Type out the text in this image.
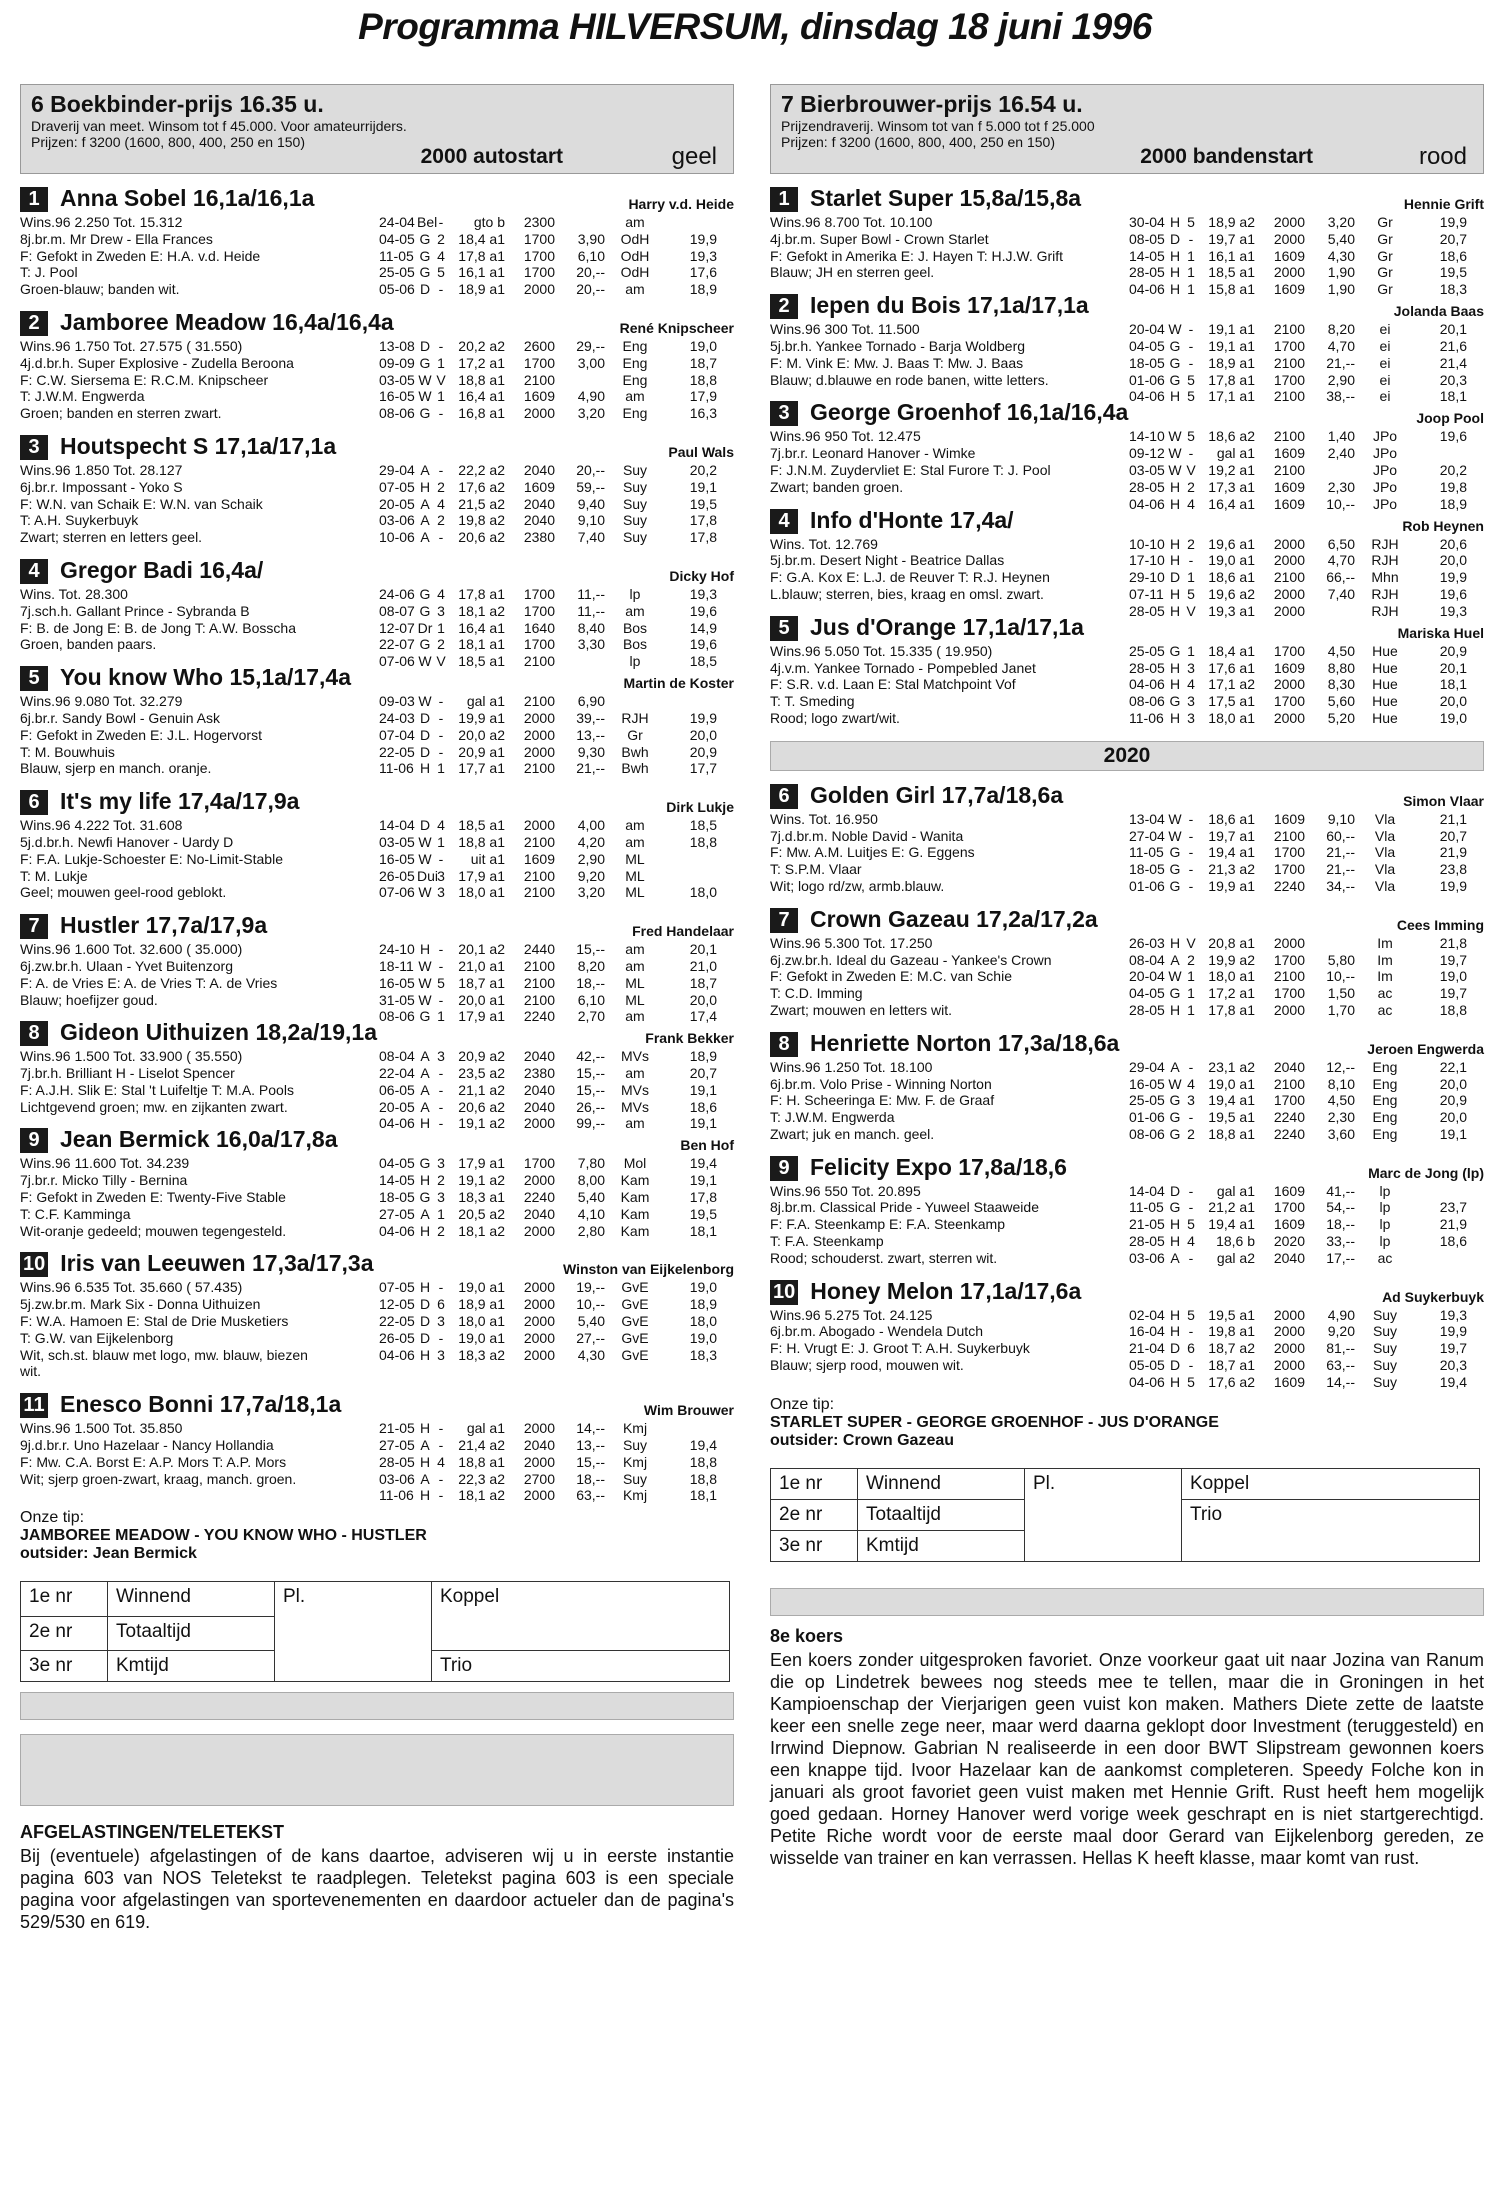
Programma HILVERSUM, dinsdag 18 juni 1996
6 Boekbinder-prijs 16.35 u.
Draverij van meet. Winsom tot f 45.000. Voor amateurrijders.
Prijzen: f 3200 (1600, 800, 400, 250 en 150)
2000 autostart	geel
1 Anna Sobel 16,1a/16,1a	Harry v.d. Heide
Wins.96 2.250 Tot. 15.312
8j.br.m. Mr Drew - Ella Frances
F: Gefokt in Zweden E: H.A. v.d. Heide
T: J. Pool
Groen-blauw; banden wit.
24-04 Bel- gto b 2300	am
04-05 G 2 18,4 a1 1700 3,90 OdH	19,9
11-05 G 4 17,8 a1 1700 6,10 OdH	19,3
25-05 G 5 16,1 a1 1700 20,-- OdH	17,6
05-06 D - 18,9 a1 2000 20,-- am	18,9
2 Jamboree Meadow 16,4a/16,4a	René Knipscheer
Wins.96 1.750 Tot. 27.575 ( 31.550)
4j.d.br.h. Super Explosive - Zudella Beroona
F: C.W. Siersema E: R.C.M. Knipscheer
T: J.W.M. Engwerda
Groen; banden en sterren zwart.
13-08 D - 20,2 a2 2600 29,-- Eng	19,0
09-09 G 1 17,2 a1 1700 3,00 Eng	18,7
03-05 W V 18,8 a1 2100	Eng	18,8
16-05 W 1 16,4 a1 1609 4,90 am	17,9
08-06 G - 16,8 a1 2000 3,20 Eng	16,3
3 Houtspecht S 17,1a/17,1a	Paul Wals
Wins.96 1.850 Tot. 28.127
6j.br.r. Impossant - Yoko S
F: W.N. van Schaik E: W.N. van Schaik
T: A.H. Suykerbuyk
Zwart; sterren en letters geel.
29-04 A - 22,2 a2 2040 20,-- Suy	20,2
07-05 H 2 17,6 a2 1609 59,-- Suy	19,1
20-05 A 4 21,5 a2 2040 9,40 Suy	19,5
03-06 A 2 19,8 a2 2040 9,10 Suy	17,8
10-06 A - 20,6 a2 2380 7,40 Suy	17,8
4 Gregor Badi 16,4a/	Dicky Hof
Wins. Tot. 28.300
7j.sch.h. Gallant Prince - Sybranda B
F: B. de Jong E: B. de Jong T: A.W. Bosscha
Groen, banden paars.
24-06 G 4 17,8 a1 1700 11,-- lp	19,3
08-07 G 3 18,1 a2 1700 11,-- am	19,6
12-07 Dr 1 16,4 a1 1640 8,40 Bos	14,9
22-07 G 2 18,1 a1 1700 3,30 Bos	19,6
07-06 W V 18,5 a1 2100	lp	18,5
5 You know Who 15,1a/17,4a	Martin de Koster
Wins.96 9.080 Tot. 32.279
6j.br.r. Sandy Bowl - Genuin Ask
F: Gefokt in Zweden E: J.L. Hogervorst
T: M. Bouwhuis
Blauw, sjerp en manch. oranje.
09-03 W - gal a1 2100 6,90
24-03 D - 19,9 a1 2000 39,-- RJH	19,9
07-04 D - 20,0 a2 2000 13,-- Gr	20,0
22-05 D - 20,9 a1 2000 9,30 Bwh	20,9
11-06 H 1 17,7 a1 2100 21,-- Bwh	17,7
6 It's my life 17,4a/17,9a	Dirk Lukje
Wins.96 4.222 Tot. 31.608
5j.d.br.h. Newfi Hanover - Uardy D
F: F.A. Lukje-Schoester E: No-Limit-Stable
T: M. Lukje
Geel; mouwen geel-rood geblokt.
14-04 D 4 18,5 a1 2000 4,00 am	18,5
03-05 W 1 18,8 a1 2100 4,20 am	18,8
16-05 W - uit a1 1609 2,90 ML
26-05 Dui3 17,9 a1 2100 9,20 ML
07-06 W 3 18,0 a1 2100 3,20 ML	18,0
7 Hustler 17,7a/17,9a	Fred Handelaar
Wins.96 1.600 Tot. 32.600 ( 35.000)
6j.zw.br.h. Ulaan - Yvet Buitenzorg
F: A. de Vries E: A. de Vries T: A. de Vries
Blauw; hoefijzer goud.
24-10 H - 20,1 a2 2440 15,-- am	20,1
18-11 W - 21,0 a1 2100 8,20 am	21,0
16-05 W 5 18,7 a1 2100 18,-- ML	18,7
31-05 W - 20,0 a1 2100 6,10 ML	20,0
08-06 G 1 17,9 a1 2240 2,70 am	17,4
8 Gideon Uithuizen 18,2a/19,1a	Frank Bekker
Wins.96 1.500 Tot. 33.900 ( 35.550)
7j.br.h. Brilliant H - Liselot Spencer
F: A.J.H. Slik E: Stal 't Luifeltje T: M.A. Pools
Lichtgevend groen; mw. en zijkanten zwart.
08-04 A 3 20,9 a2 2040 42,-- MVs	18,9
22-04 A - 23,5 a2 2380 15,-- am	20,7
06-05 A - 21,1 a2 2040 15,-- MVs	19,1
20-05 A - 20,6 a2 2040 26,-- MVs	18,6
04-06 H - 19,1 a2 2000 99,-- am	19,1
9 Jean Bermick 16,0a/17,8a	Ben Hof
Wins.96 11.600 Tot. 34.239
7j.br.r. Micko Tilly - Bernina
F: Gefokt in Zweden E: Twenty-Five Stable
T: C.F. Kamminga
Wit-oranje gedeeld; mouwen tegengesteld.
04-05 G 3 17,9 a1 1700 7,80 Mol	19,4
14-05 H 2 19,1 a2 2000 8,00 Kam	19,1
18-05 G 3 18,3 a1 2240 5,40 Kam	17,8
27-05 A 1 20,5 a2 2040 4,10 Kam	19,5
04-06 H 2 18,1 a2 2000 2,80 Kam	18,1
10 Iris van Leeuwen 17,3a/17,3a	Winston van Eijkelenborg
Wins.96 6.535 Tot. 35.660 ( 57.435)
5j.zw.br.m. Mark Six - Donna Uithuizen
F: W.A. Hamoen E: Stal de Drie Musketiers
T: G.W. van Eijkelenborg
Wit, sch.st. blauw met logo, mw. blauw, biezen
wit.
07-05 H - 19,0 a1 2000 19,-- GvE	19,0
12-05 D 6 18,9 a1 2000 10,-- GvE	18,9
22-05 D 3 18,0 a1 2000 5,40 GvE	18,0
26-05 D - 19,0 a1 2000 27,-- GvE	19,0
04-06 H 3 18,3 a2 2000 4,30 GvE	18,3
11 Enesco Bonni 17,7a/18,1a	Wim Brouwer
Wins.96 1.500 Tot. 35.850
9j.d.br.r. Uno Hazelaar - Nancy Hollandia
F: Mw. C.A. Borst E: A.P. Mors T: A.P. Mors
Wit; sjerp groen-zwart, kraag, manch. groen.
21-05 H - gal a1 2000 14,-- Kmj
27-05 A - 21,4 a2 2040 13,-- Suy	19,4
28-05 H 4 18,8 a1 2000 15,-- Kmj	18,8
03-06 A - 22,3 a2 2700 18,-- Suy	18,8
11-06 H - 18,1 a2 2000 63,-- Kmj	18,1
Onze tip:
JAMBOREE MEADOW - YOU KNOW WHO - HUSTLER
outsider: Jean Bermick
1e nr	Winnend	Pl.	Koppel
2e nr	Totaaltijd		
3e nr	Kmtijd		Trio
AFGELASTINGEN/TELETEKST

Bij (eventuele) afgelastingen of de kans daartoe, adviseren wij u in eerste instantie pagina 603 van NOS Teletekst te raadplegen. Teletekst pagina 603 is een speciale pagina voor afgelastingen van sportevenementen en daardoor actueler dan de pagina's 529/530 en 619.

7 Bierbrouwer-prijs 16.54 u.
Prijzendraverij. Winsom tot van f 5.000 tot f 25.000
Prijzen: f 3200 (1600, 800, 400, 250 en 150)
2000 bandenstart	rood
1 Starlet Super 15,8a/15,8a	Hennie Grift
Wins.96 8.700 Tot. 10.100
4j.br.m. Super Bowl - Crown Starlet
F: Gefokt in Amerika E: J. Hayen T: H.J.W. Grift
Blauw; JH en sterren geel.
30-04 H 5 18,9 a2 2000 3,20 Gr	19,9
08-05 D - 19,7 a1 2000 5,40 Gr	20,7
14-05 H 1 16,1 a1 1609 4,30 Gr	18,6
28-05 H 1 18,5 a1 2000 1,90 Gr	19,5
04-06 H 1 15,8 a1 1609 1,90 Gr	18,3
2 Iepen du Bois 17,1a/17,1a	Jolanda Baas
Wins.96 300 Tot. 11.500
5j.br.h. Yankee Tornado - Barja Woldberg
F: M. Vink E: Mw. J. Baas T: Mw. J. Baas
Blauw; d.blauwe en rode banen, witte letters.
20-04 W - 19,1 a1 2100 8,20 ei	20,1
04-05 G - 19,1 a1 1700 4,70 ei	21,6
18-05 G - 18,9 a1 2100 21,-- ei	21,4
01-06 G 5 17,8 a1 1700 2,90 ei	20,3
04-06 H 5 17,1 a1 2100 38,-- ei	18,1
3 George Groenhof 16,1a/16,4a	Joop Pool
Wins.96 950 Tot. 12.475
7j.br.r. Leonard Hanover - Wimke
F: J.N.M. Zuydervliet E: Stal Furore T: J. Pool
Zwart; banden groen.
14-10 W 5 18,6 a2 2100 1,40 JPo	19,6
09-12 W - gal a1 1609 2,40 JPo
03-05 W V 19,2 a1 2100	JPo	20,2
28-05 H 2 17,3 a1 1609 2,30 JPo	19,8
04-06 H 4 16,4 a1 1609 10,-- JPo	18,9
4 Info d'Honte 17,4a/	Rob Heynen
Wins. Tot. 12.769
5j.br.m. Desert Night - Beatrice Dallas
F: G.A. Kox E: L.J. de Reuver T: R.J. Heynen
L.blauw; sterren, bies, kraag en omsl. zwart.
10-10 H 2 19,6 a1 2000 6,50 RJH	20,6
17-10 H - 19,0 a1 2000 4,70 RJH	20,0
29-10 D 1 18,6 a1 2100 66,-- Mhn	19,9
07-11 H 5 19,6 a2 2000 7,40 RJH	19,6
28-05 H V 19,3 a1 2000	RJH	19,3
5 Jus d'Orange 17,1a/17,1a	Mariska Huel
Wins.96 5.050 Tot. 15.335 ( 19.950)
4j.v.m. Yankee Tornado - Pompebled Janet
F: S.R. v.d. Laan E: Stal Matchpoint Vof
T: T. Smeding
Rood; logo zwart/wit.
25-05 G 1 18,4 a1 1700 4,50 Hue	20,9
28-05 H 3 17,6 a1 1609 8,80 Hue	20,1
04-06 H 4 17,1 a2 2000 8,30 Hue	18,1
08-06 G 3 17,5 a1 1700 5,60 Hue	20,0
11-06 H 3 18,0 a1 2000 5,20 Hue	19,0
2020
6 Golden Girl 17,7a/18,6a	Simon Vlaar
Wins. Tot. 16.950
7j.d.br.m. Noble David - Wanita
F: Mw. A.M. Luitjes E: G. Eggens
T: S.P.M. Vlaar
Wit; logo rd/zw, armb.blauw.
13-04 W - 18,6 a1 1609 9,10 Vla	21,1
27-04 W - 19,7 a1 2100 60,-- Vla	20,7
11-05 G - 19,4 a1 1700 21,-- Vla	21,9
18-05 G - 21,3 a2 1700 21,-- Vla	23,8
01-06 G - 19,9 a1 2240 34,-- Vla	19,9
7 Crown Gazeau 17,2a/17,2a	Cees Imming
Wins.96 5.300 Tot. 17.250
6j.zw.br.h. Ideal du Gazeau - Yankee's Crown
F: Gefokt in Zweden E: M.C. van Schie
T: C.D. Imming
Zwart; mouwen en letters wit.
26-03 H V 20,8 a1 2000	Im	21,8
08-04 A 2 19,9 a2 1700 5,80 Im	19,7
20-04 W 1 18,0 a1 2100 10,-- Im	19,0
04-05 G 1 17,2 a1 1700 1,50 ac	19,7
28-05 H 1 17,8 a1 2000 1,70 ac	18,8
8 Henriette Norton 17,3a/18,6a	Jeroen Engwerda
Wins.96 1.250 Tot. 18.100
6j.br.m. Volo Prise - Winning Norton
F: H. Scheeringa E: Mw. F. de Graaf
T: J.W.M. Engwerda
Zwart; juk en manch. geel.
29-04 A - 23,1 a2 2040 12,-- Eng	22,1
16-05 W 4 19,0 a1 2100 8,10 Eng	20,0
25-05 G 3 19,4 a1 1700 4,50 Eng	20,9
01-06 G - 19,5 a1 2240 2,30 Eng	20,0
08-06 G 2 18,8 a1 2240 3,60 Eng	19,1
9 Felicity Expo 17,8a/18,6	Marc de Jong (lp)
Wins.96 550 Tot. 20.895
8j.br.m. Classical Pride - Yuweel Staaweide
F: F.A. Steenkamp E: F.A. Steenkamp
T: F.A. Steenkamp
Rood; schouderst. zwart, sterren wit.
14-04 D - gal a1 1609 41,-- lp
11-05 G - 21,2 a1 1700 54,-- lp	23,7
21-05 H 5 19,4 a1 1609 18,-- lp	21,9
28-05 H 4 18,6 b 2020 33,-- lp	18,6
03-06 A - gal a2 2040 17,-- ac
10 Honey Melon 17,1a/17,6a	Ad Suykerbuyk
Wins.96 5.275 Tot. 24.125
6j.br.m. Abogado - Wendela Dutch
F: H. Vrugt E: J. Groot T: A.H. Suykerbuyk
Blauw; sjerp rood, mouwen wit.
02-04 H 5 19,5 a1 2000 4,90 Suy	19,3
16-04 H - 19,8 a1 2000 9,20 Suy	19,9
21-04 D 6 18,7 a2 2000 81,-- Suy	19,7
05-05 D - 18,7 a1 2000 63,-- Suy	20,3
04-06 H 5 17,6 a2 1609 14,-- Suy	19,4
Onze tip:
STARLET SUPER - GEORGE GROENHOF - JUS D'ORANGE
outsider: Crown Gazeau
1e nr	Winnend	Pl.	Koppel
2e nr	Totaaltijd		Trio
3e nr	Kmtijd		
8e koers

Een koers zonder uitgesproken favoriet. Onze voorkeur gaat uit naar Jozina van Ranum die op Lindetrek bewees nog steeds mee te tellen, maar die in Groningen in het Kampioenschap der Vierjarigen geen vuist kon maken. Mathers Diete zette de laatste keer een snelle zege neer, maar werd daarna geklopt door Investment (teruggesteld) en Irrwind Diepnow. Gabrian N realiseerde in een door BWT Slipstream gewonnen koers een knappe tijd. Ivoor Hazelaar kan de aankomst completeren. Speedy Folche kon in januari als groot favoriet geen vuist maken met Hennie Grift. Rust heeft hem mogelijk goed gedaan. Horney Hanover werd vorige week geschrapt en is niet startgerechtigd. Petite Riche wordt voor de eerste maal door Gerard van Eijkelenborg gereden, ze wisselde van trainer en kan verrassen. Hellas K heeft klasse, maar komt van rust.
